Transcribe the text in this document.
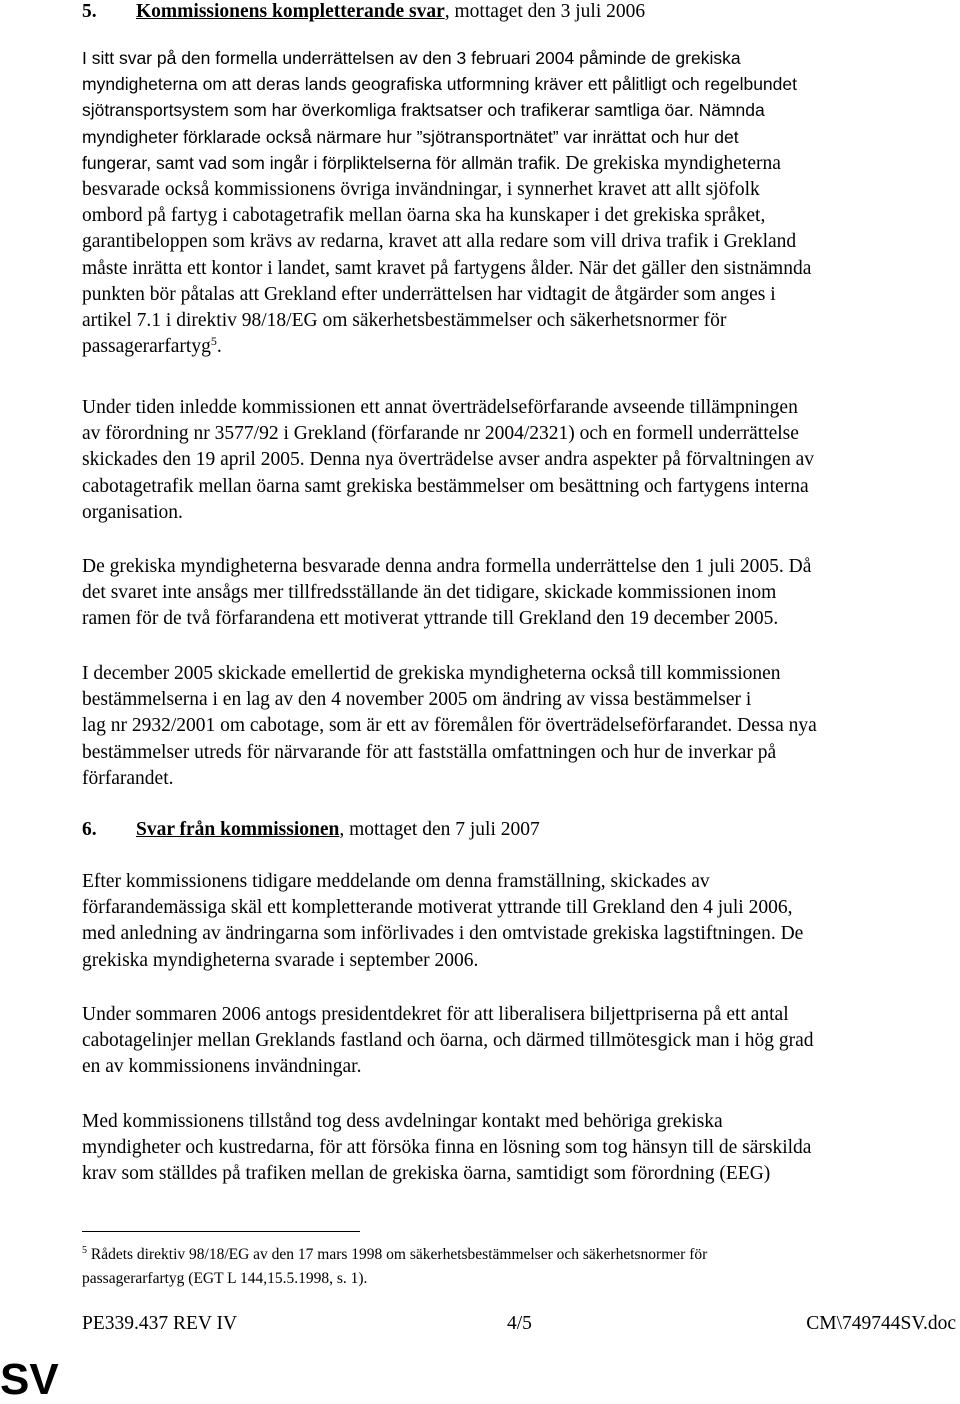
5. Kommissionens kompletterande svar, mottaget den 3 juli 2006
I sitt svar på den formella underrättelsen av den 3 februari 2004 påminde de grekiska
myndigheterna om att deras lands geografiska utformning kräver ett pålitligt och regelbundet
sjötransportsystem som har överkomliga fraktsatser och trafikerar samtliga öar. Nämnda
myndigheter förklarade också närmare hur ”sjötransportnätet” var inrättat och hur det
fungerar, samt vad som ingår i förpliktelserna för allmän trafik. De grekiska myndigheterna
besvarade också kommissionens övriga invändningar, i synnerhet kravet att allt sjöfolk
ombord på fartyg i cabotagetrafik mellan öarna ska ha kunskaper i det grekiska språket,
garantibeloppen som krävs av redarna, kravet att alla redare som vill driva trafik i Grekland
måste inrätta ett kontor i landet, samt kravet på fartygens ålder. När det gäller den sistnämnda
punkten bör påtalas att Grekland efter underrättelsen har vidtagit de åtgärder som anges i
artikel 7.1 i direktiv 98/18/EG om säkerhetsbestämmelser och säkerhetsnormer för
passagerarfartyg$^5$.
Under tiden inledde kommissionen ett annat överträdelseförfarande avseende tillämpningen
av förordning nr 3577/92 i Grekland (förfarande nr 2004/2321) och en formell underrättelse
skickades den 19 april 2005. Denna nya överträdelse avser andra aspekter på förvaltningen av
cabotagetrafik mellan öarna samt grekiska bestämmelser om besättning och fartygens interna
organisation.
De grekiska myndigheterna besvarade denna andra formella underrättelse den 1 juli 2005. Då
det svaret inte ansågs mer tillfredsställande än det tidigare, skickade kommissionen inom
ramen för de två förfarandena ett motiverat yttrande till Grekland den 19 december 2005.
I december 2005 skickade emellertid de grekiska myndigheterna också till kommissionen
bestämmelserna i en lag av den 4 november 2005 om ändring av vissa bestämmelser i
lag nr 2932/2001 om cabotage, som är ett av föremålen för överträdelseförfarandet. Dessa nya
bestämmelser utreds för närvarande för att fastställa omfattningen och hur de inverkar på
förfarandet.
6. Svar från kommissionen, mottaget den 7 juli 2007
Efter kommissionens tidigare meddelande om denna framställning, skickades av
förfarandemässiga skäl ett kompletterande motiverat yttrande till Grekland den 4 juli 2006,
med anledning av ändringarna som införlivades i den omtvistade grekiska lagstiftningen. De
grekiska myndigheterna svarade i september 2006.
Under sommaren 2006 antogs presidentdekret för att liberalisera biljettpriserna på ett antal
cabotagelinjer mellan Greklands fastland och öarna, och därmed tillmötesgick man i hög grad
en av kommissionens invändningar.
Med kommissionens tillstånd tog dess avdelningar kontakt med behöriga grekiska
myndigheter och kustredarna, för att försöka finna en lösning som tog hänsyn till de särskilda
krav som ställdes på trafiken mellan de grekiska öarna, samtidigt som förordning (EEG)
$^5$ Rådets direktiv 98/18/EG av den 17 mars 1998 om säkerhetsbestämmelser och säkerhetsnormer för
passagerarfartyg (EGT L 144,15.5.1998, s. 1).
PE339.437 REV IV	4/5	CM\749744SV.doc
SV
